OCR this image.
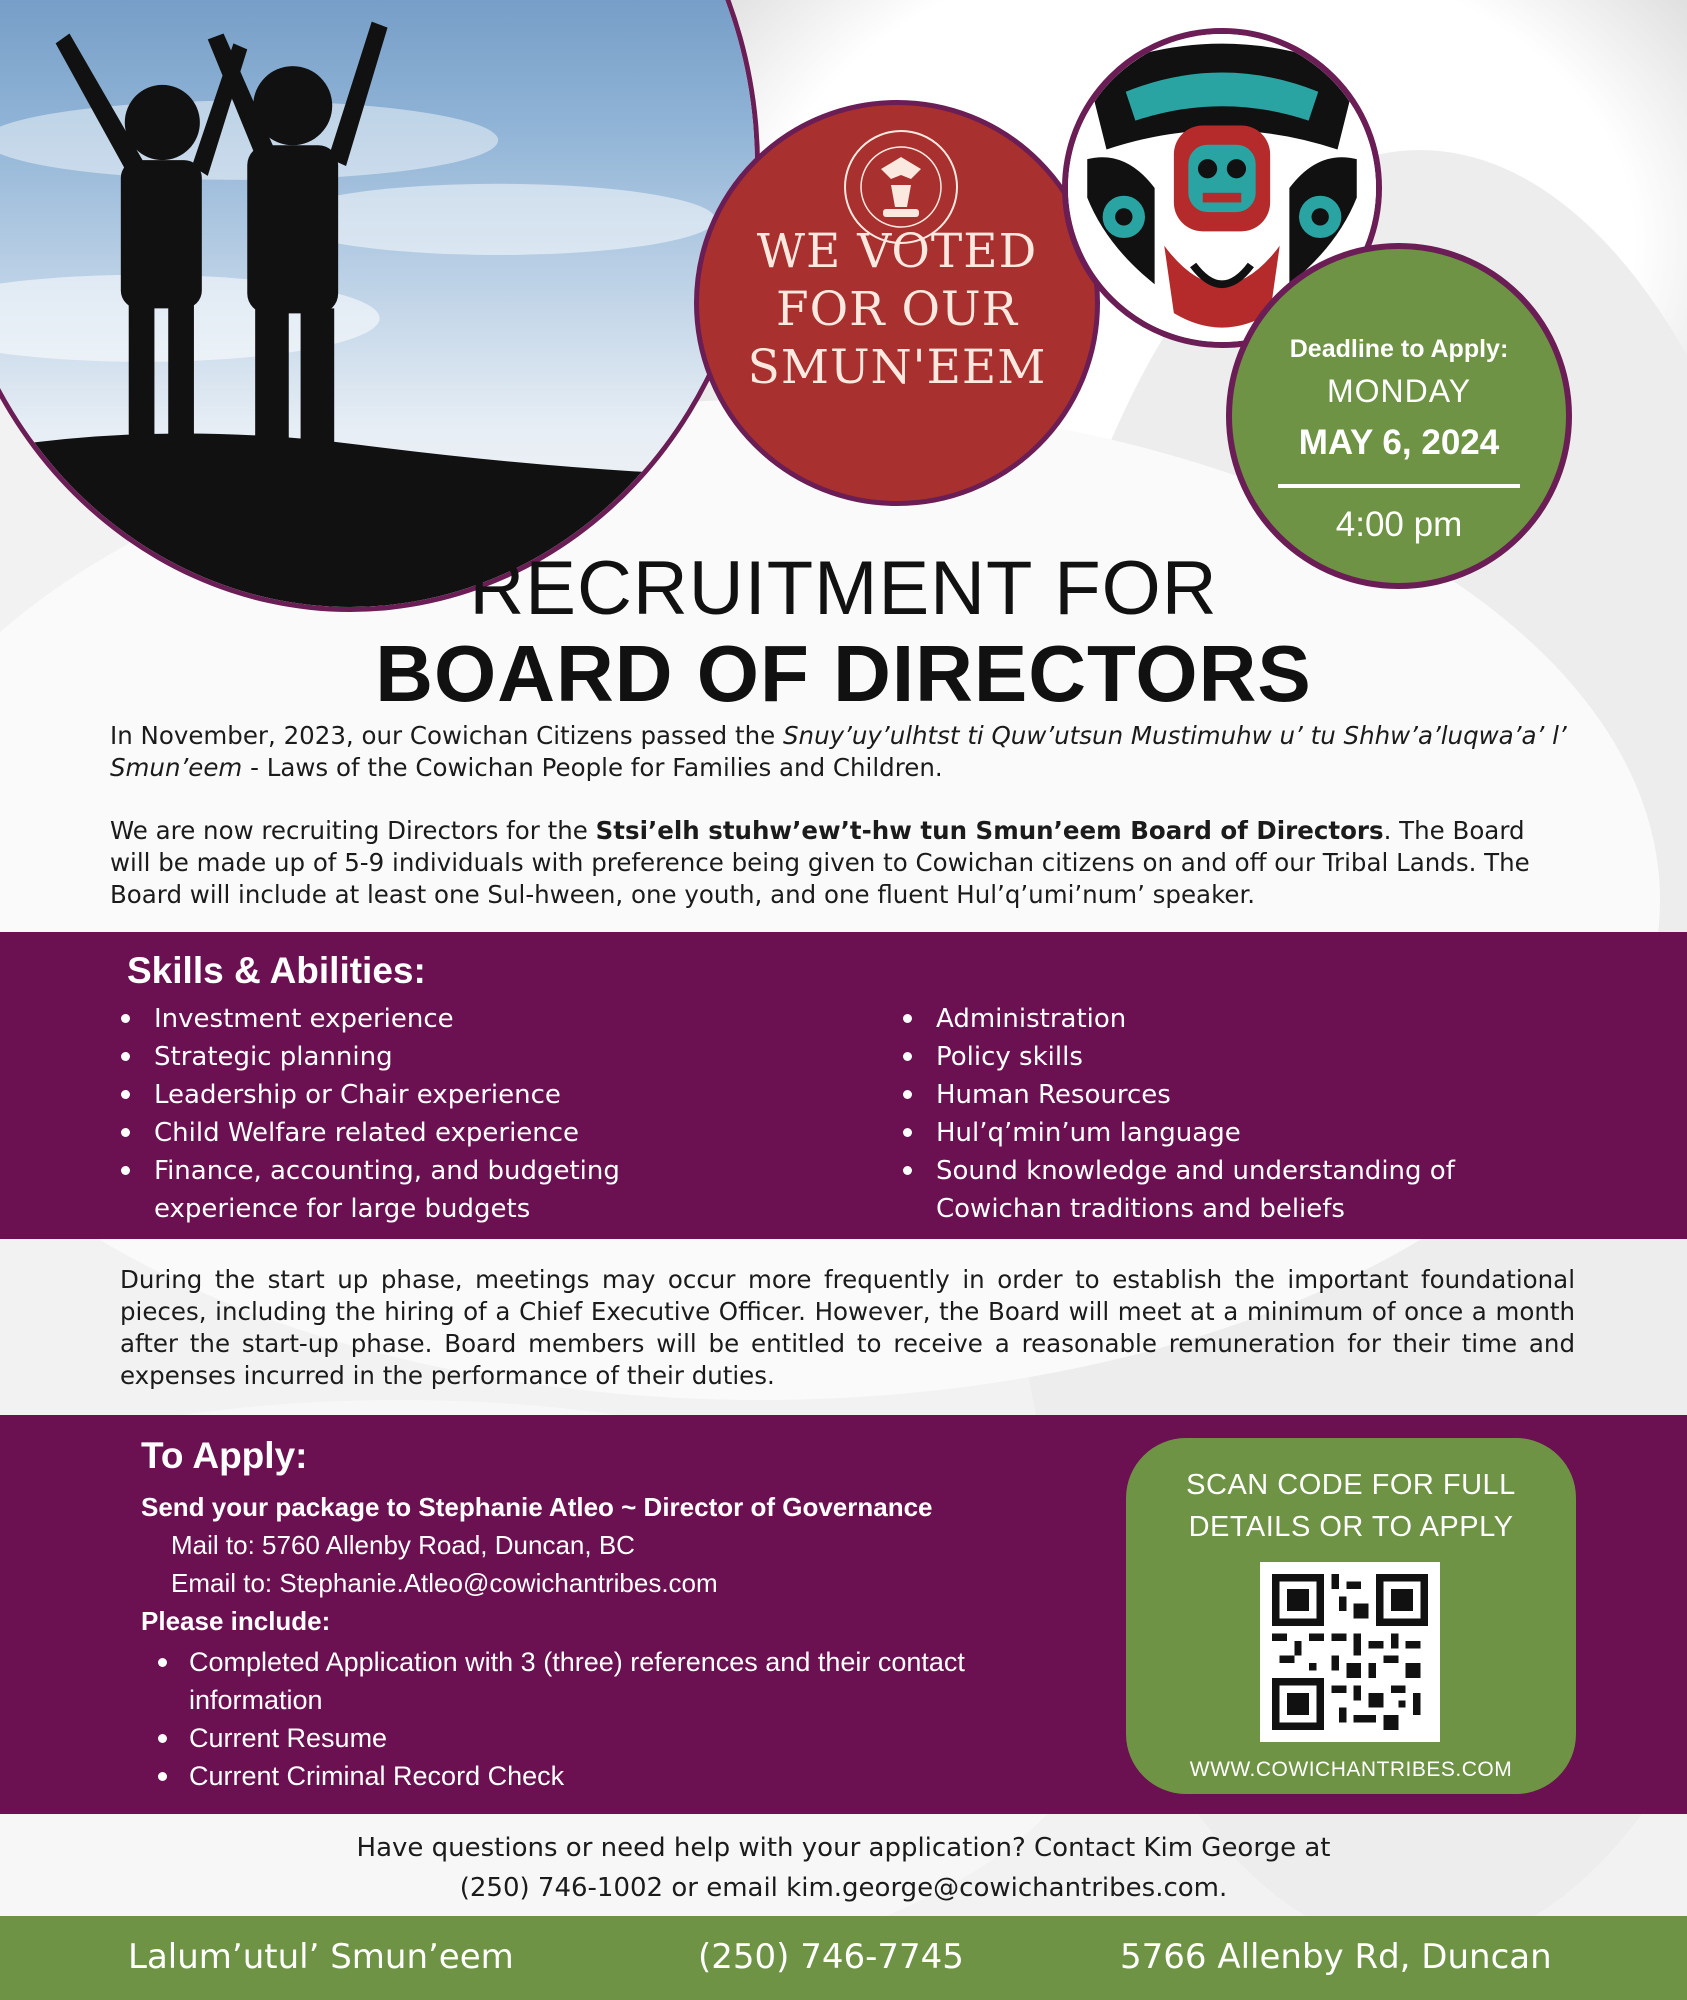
WE VOTED
FOR OUR
SMUN'EEM	Deadline to Apply:
MONDAY
MAY 6, 2024
4:00 pm
RECRUITMENT FOR
BOARD OF DIRECTORS

In November, 2023, our Cowichan Citizens passed the Snuy’uy’ulhtst ti Quw’utsun Mustimuhw u’ tu Shhw’a’luqwa’a’ l’ Smun’eem - Laws of the Cowichan People for Families and Children.

We are now recruiting Directors for the Stsi’elh stuhw’ew’t-hw tun Smun’eem Board of Directors. The Board will be made up of 5-9 individuals with preference being given to Cowichan citizens on and off our Tribal Lands. The Board will include at least one Sul-hween, one youth, and one fluent Hul’q’umi’num’ speaker.

Skills & Abilities:
Investment experience
Strategic planning
Leadership or Chair experience
Child Welfare related experience
Finance, accounting, and budgeting experience for large budgets
Administration
Policy skills
Human Resources
Hul’q’min’um language
Sound knowledge and understanding of Cowichan traditions and beliefs

During the start up phase, meetings may occur more frequently in order to establish the important foundational pieces, including the hiring of a Chief Executive Officer. However, the Board will meet at a minimum of once a month after the start-up phase. Board members will be entitled to receive a reasonable remuneration for their time and expenses incurred in the performance of their duties.

To Apply:
Send your package to Stephanie Atleo ~ Director of Governance
Mail to: 5760 Allenby Road, Duncan, BC
Email to: Stephanie.Atleo@cowichantribes.com
Please include:
Completed Application with 3 (three) references and their contact information
Current Resume
Current Criminal Record Check
SCAN CODE FOR FULL
DETAILS OR TO APPLY
WWW.COWICHANTRIBES.COM
Have questions or need help with your application? Contact Kim George at
(250) 746-1002 or email kim.george@cowichantribes.com.
Lalum’utul’ Smun’eem	(250) 746-7745	5766 Allenby Rd, Duncan
